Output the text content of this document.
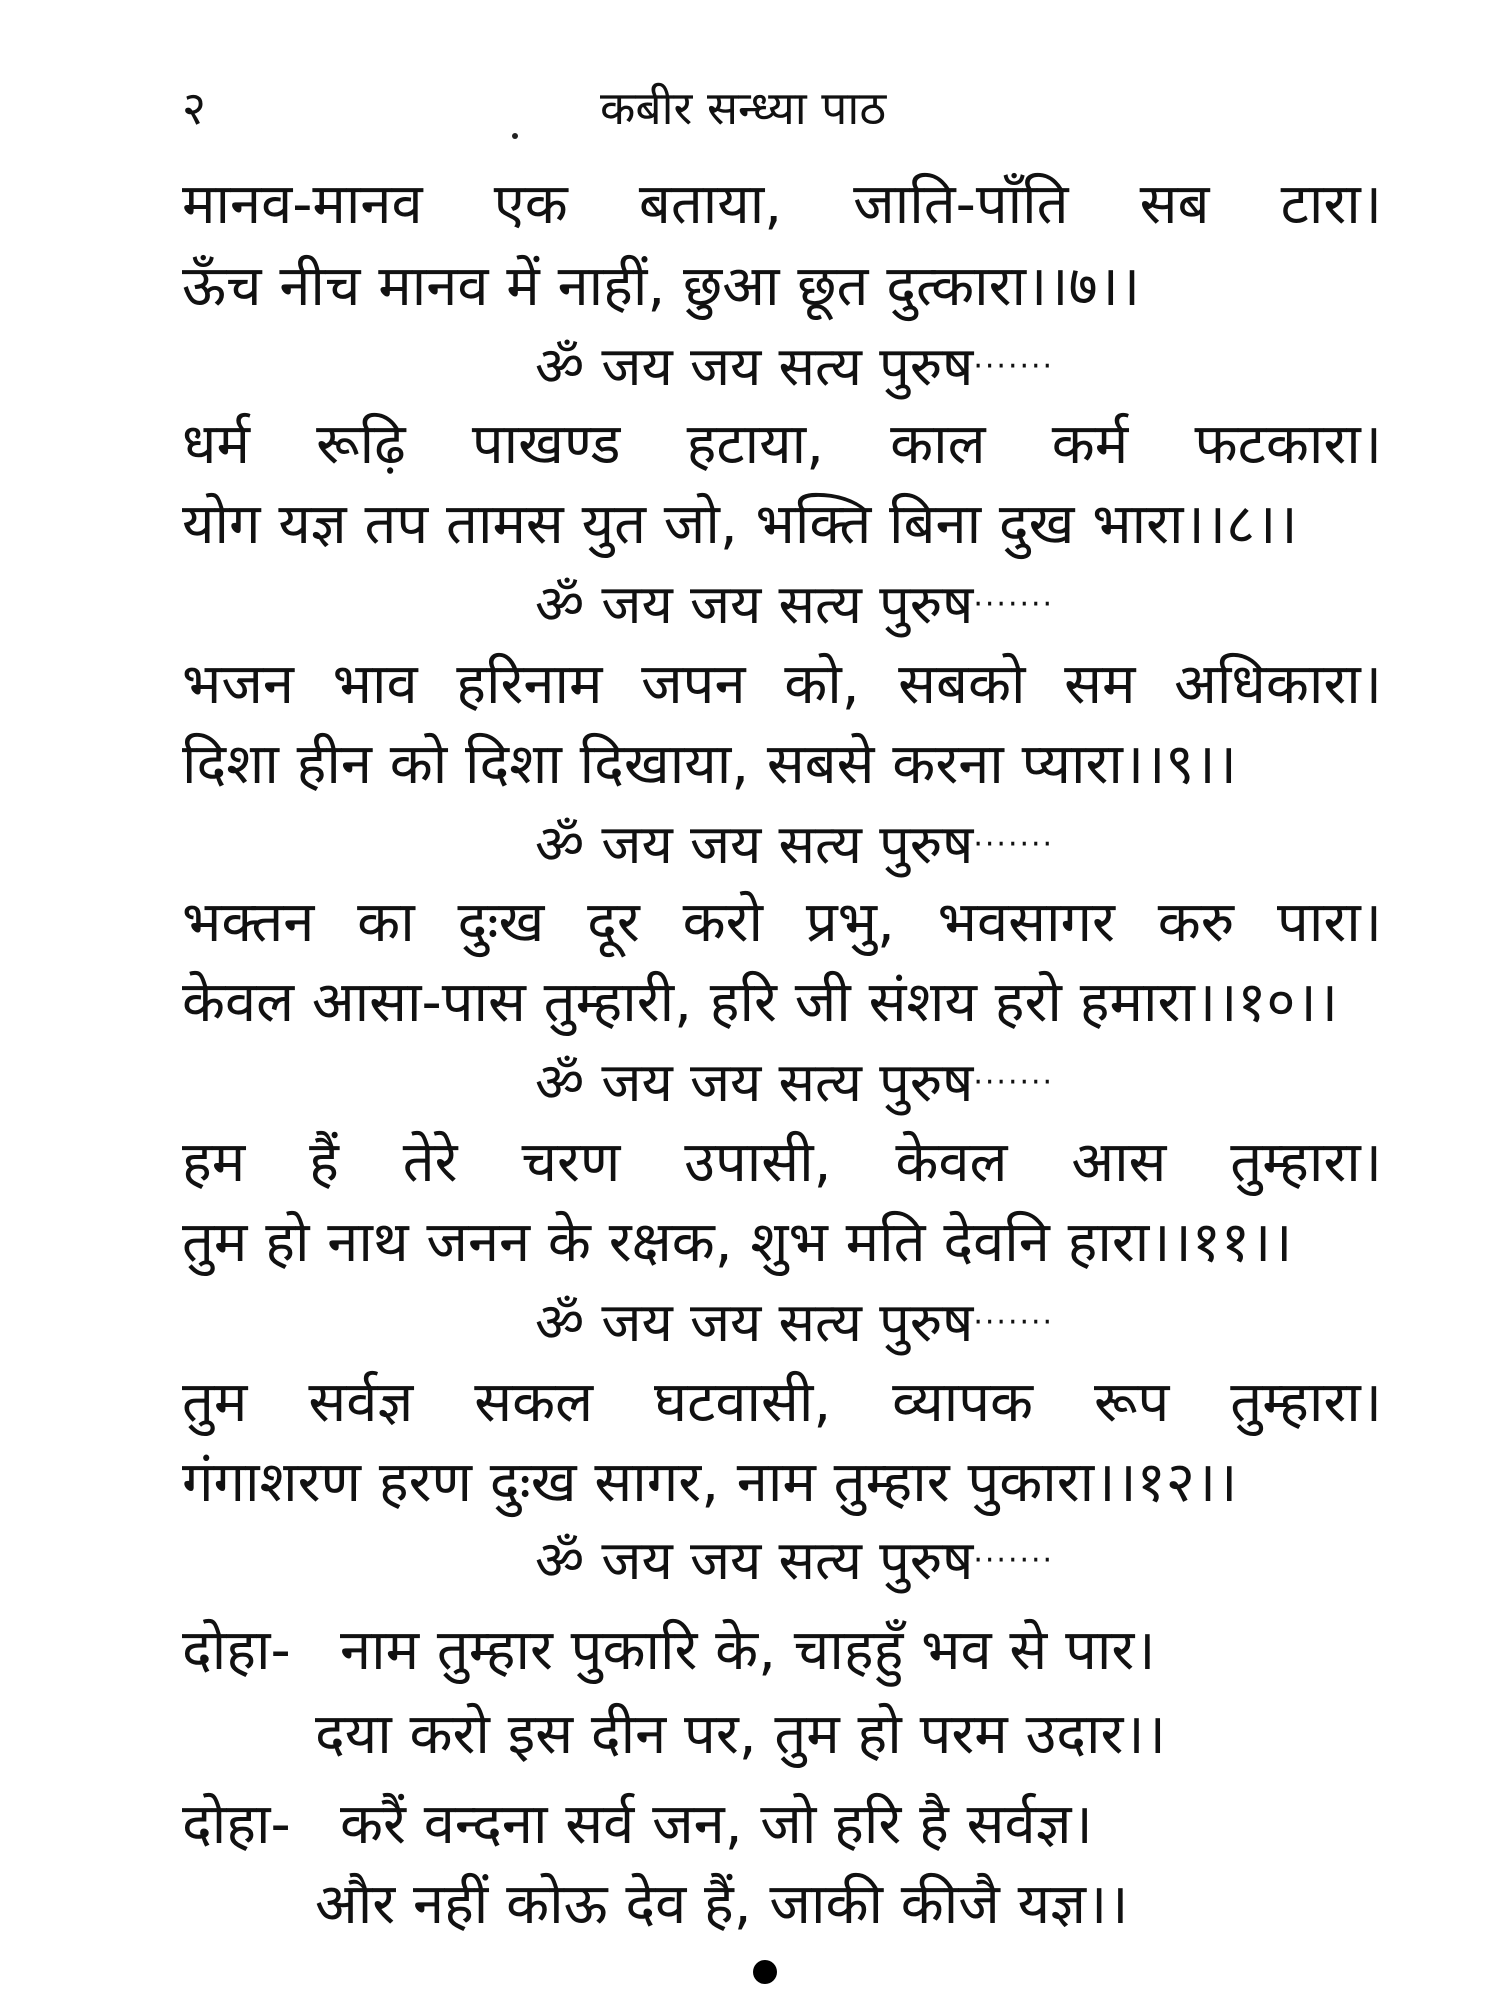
२	कबीर सन्ध्या पाठ
मानव-मानव एक बताया, जाति-पाँति सब टारा।
ऊँच नीच मानव में नाहीं, छुआ छूत दुत्कारा।।७।।
ॐ जय जय सत्य पुरुष·······
धर्म रूढ़ि पाखण्ड हटाया, काल कर्म फटकारा।
योग यज्ञ तप तामस युत जो, भक्ति बिना दुख भारा।।८।।
ॐ जय जय सत्य पुरुष·······
भजन भाव हरिनाम जपन को, सबको सम अधिकारा।
दिशा हीन को दिशा दिखाया, सबसे करना प्यारा।।९।।
ॐ जय जय सत्य पुरुष·······
भक्तन का दुःख दूर करो प्रभु, भवसागर करु पारा।
केवल आसा-पास तुम्हारी, हरि जी संशय हरो हमारा।।१०।।
ॐ जय जय सत्य पुरुष·······
हम हैं तेरे चरण उपासी, केवल आस तुम्हारा।
तुम हो नाथ जनन के रक्षक, शुभ मति देवनि हारा।।११।।
ॐ जय जय सत्य पुरुष·······
तुम सर्वज्ञ सकल घटवासी, व्यापक रूप तुम्हारा।
गंगाशरण हरण दुःख सागर, नाम तुम्हार पुकारा।।१२।।
ॐ जय जय सत्य पुरुष·······
दोहा- नाम तुम्हार पुकारि के, चाहहुँ भव से पार।
दया करो इस दीन पर, तुम हो परम उदार।।
दोहा- करैं वन्दना सर्व जन, जो हरि है सर्वज्ञ।
और नहीं कोऊ देव हैं, जाकी कीजै यज्ञ।।
